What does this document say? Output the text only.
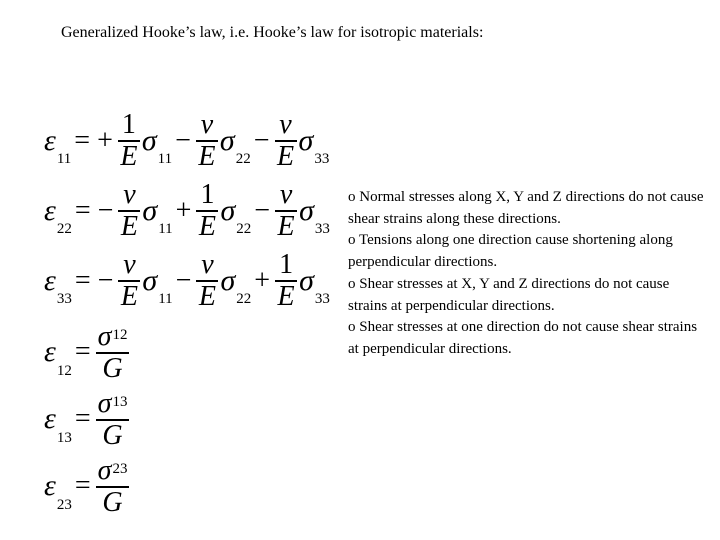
Generalized Hooke’s law, i.e. Hooke’s law for isotropic materials:
ε
11
= + $\frac{1}{E}$ σ
11
− $\frac{\nu}{E}$ σ
22
− $\frac{\nu}{E}$ σ
33
ε
22
= − $\frac{\nu}{E}$ σ
11
+ $\frac{1}{E}$ σ
22
− $\frac{\nu}{E}$ σ
33
ε
33
= − $\frac{\nu}{E}$ σ
11
− $\frac{\nu}{E}$ σ
22
+ $\frac{1}{E}$ σ
33
ε
12
= $\frac{\sigma 12}{G}$
ε
13
= $\frac{\sigma 13}{G}$
ε
23
= $\frac{\sigma 23}{G}$

o Normal stresses along X, Y and Z directions do not cause shear strains along these directions.

o Tensions along one direction cause shortening along perpendicular directions.

o Shear stresses at X, Y and Z directions do not cause strains at perpendicular directions.

o Shear stresses at one direction do not cause shear strains at perpendicular directions.
